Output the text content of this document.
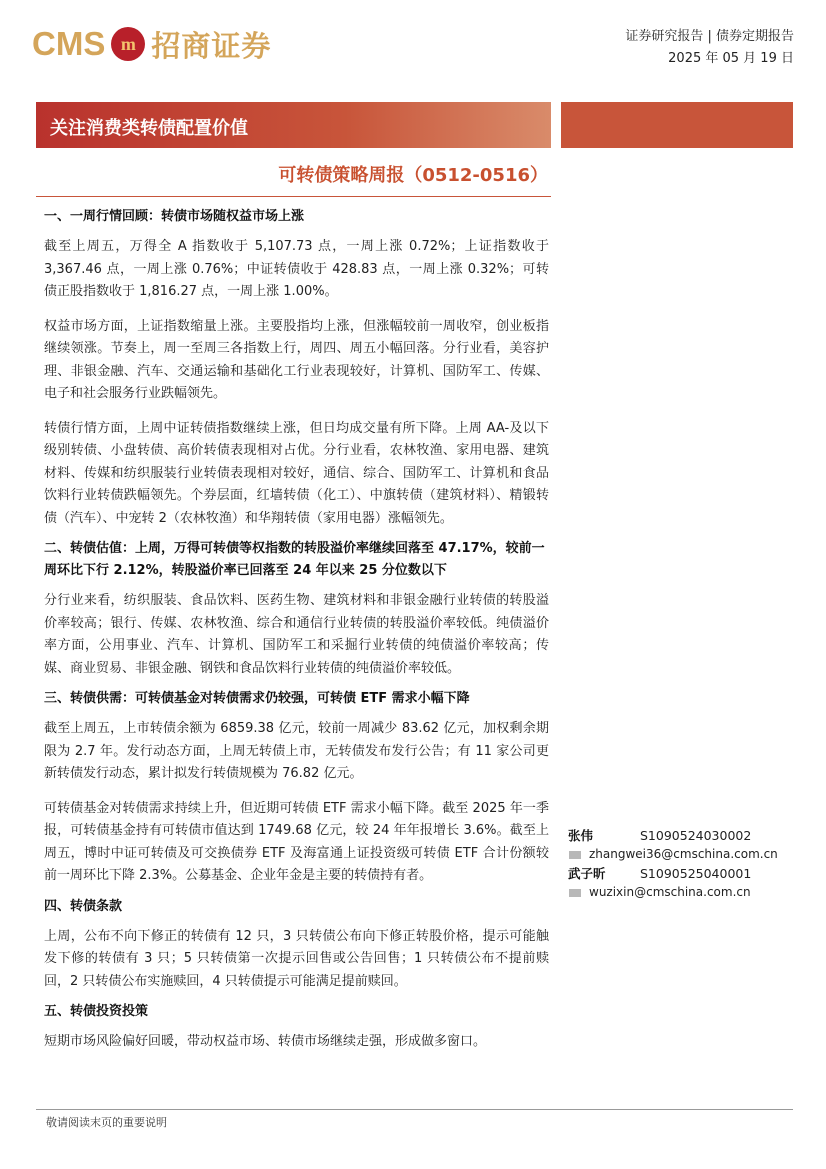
CMS m 招商证券	证券研究报告 | 债券定期报告
2025 年 05 月 19 日
关注消费类转债配置价值
可转债策略周报（0512-0516）
一、一周行情回顾：转债市场随权益市场上涨

截至上周五，万得全 A 指数收于 5,107.73 点，一周上涨 0.72%；上证指数收于 3,367.46 点，一周上涨 0.76%；中证转债收于 428.83 点，一周上涨 0.32%；可转债正股指数收于 1,816.27 点，一周上涨 1.00%。

权益市场方面，上证指数缩量上涨。主要股指均上涨，但涨幅较前一周收窄，创业板指继续领涨。节奏上，周一至周三各指数上行，周四、周五小幅回落。分行业看，美容护理、非银金融、汽车、交通运输和基础化工行业表现较好，计算机、国防军工、传媒、电子和社会服务行业跌幅领先。

转债行情方面，上周中证转债指数继续上涨，但日均成交量有所下降。上周 AA-及以下级别转债、小盘转债、高价转债表现相对占优。分行业看，农林牧渔、家用电器、建筑材料、传媒和纺织服装行业转债表现相对较好，通信、综合、国防军工、计算机和食品饮料行业转债跌幅领先。个券层面，红墙转债（化工）、中旗转债（建筑材料）、精锻转债（汽车）、中宠转 2（农林牧渔）和华翔转债（家用电器）涨幅领先。

二、转债估值：上周，万得可转债等权指数的转股溢价率继续回落至 47.17%，较前一周环比下行 2.12%，转股溢价率已回落至 24 年以来 25 分位数以下

分行业来看，纺织服装、食品饮料、医药生物、建筑材料和非银金融行业转债的转股溢价率较高；银行、传媒、农林牧渔、综合和通信行业转债的转股溢价率较低。纯债溢价率方面，公用事业、汽车、计算机、国防军工和采掘行业转债的纯债溢价率较高；传媒、商业贸易、非银金融、钢铁和食品饮料行业转债的纯债溢价率较低。

三、转债供需：可转债基金对转债需求仍较强，可转债 ETF 需求小幅下降

截至上周五，上市转债余额为 6859.38 亿元，较前一周减少 83.62 亿元，加权剩余期限为 2.7 年。发行动态方面，上周无转债上市，无转债发布发行公告；有 11 家公司更新转债发行动态，累计拟发行转债规模为 76.82 亿元。

可转债基金对转债需求持续上升，但近期可转债 ETF 需求小幅下降。截至 2025 年一季报，可转债基金持有可转债市值达到 1749.68 亿元，较 24 年年报增长 3.6%。截至上周五，博时中证可转债及可交换债券 ETF 及海富通上证投资级可转债 ETF 合计份额较前一周环比下降 2.3%。公募基金、企业年金是主要的转债持有者。

四、转债条款

上周，公布不向下修正的转债有 12 只，3 只转债公布向下修正转股价格，提示可能触发下修的转债有 3 只；5 只转债第一次提示回售或公告回售；1 只转债公布不提前赎回，2 只转债公布实施赎回，4 只转债提示可能满足提前赎回。

五、转债投资投策

短期市场风险偏好回暖，带动权益市场、转债市场继续走强，形成做多窗口。

张伟	S1090524030002
zhangwei36@cmschina.com.cn
武子昕	S1090525040001
wuzixin@cmschina.com.cn
敬请阅读末页的重要说明
